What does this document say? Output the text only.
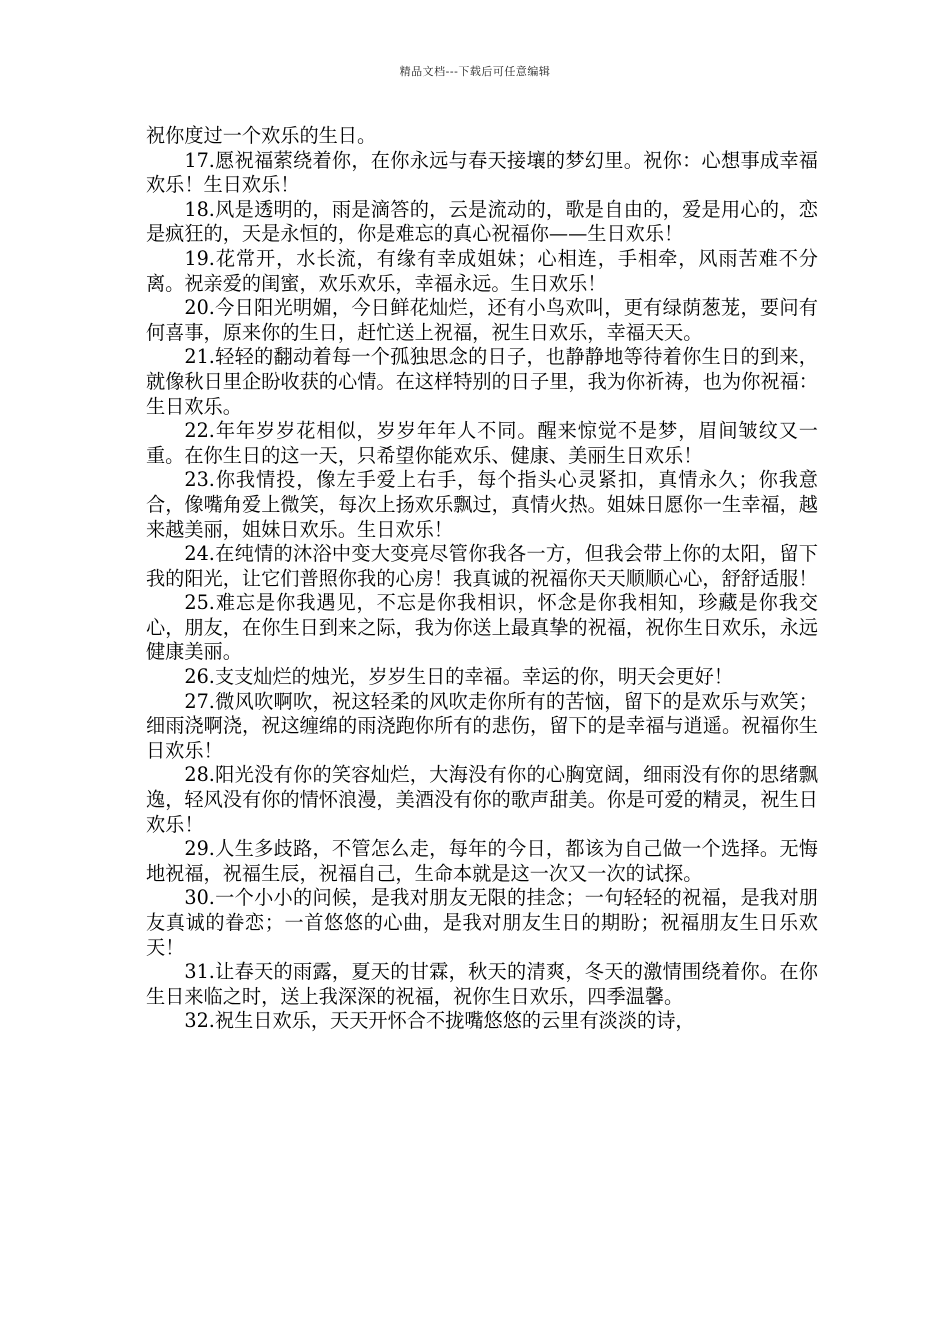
精品文档---下载后可任意编辑

祝你度过一个欢乐的生日。

17.愿祝福萦绕着你，在你永远与春天接壤的梦幻里。祝你：心想事成幸福欢乐！生日欢乐！

18.风是透明的，雨是滴答的，云是流动的，歌是自由的，爱是用心的，恋是疯狂的，天是永恒的，你是难忘的真心祝福你——生日欢乐！

19.花常开，水长流，有缘有幸成姐妹；心相连，手相牵，风雨苦难不分离。祝亲爱的闺蜜，欢乐欢乐，幸福永远。生日欢乐！

20.今日阳光明媚，今日鲜花灿烂，还有小鸟欢叫，更有绿荫葱茏，要问有何喜事，原来你的生日，赶忙送上祝福，祝生日欢乐，幸福天天。

21.轻轻的翻动着每一个孤独思念的日子，也静静地等待着你生日的到来，就像秋日里企盼收获的心情。在这样特别的日子里，我为你祈祷，也为你祝福：生日欢乐。

22.年年岁岁花相似，岁岁年年人不同。醒来惊觉不是梦，眉间皱纹又一重。在你生日的这一天，只希望你能欢乐、健康、美丽生日欢乐！

23.你我情投，像左手爱上右手，每个指头心灵紧扣，真情永久；你我意合，像嘴角爱上微笑，每次上扬欢乐飘过，真情火热。姐妹日愿你一生幸福，越来越美丽，姐妹日欢乐。生日欢乐！

24.在纯情的沐浴中变大变亮尽管你我各一方，但我会带上你的太阳，留下我的阳光，让它们普照你我的心房！我真诚的祝福你天天顺顺心心，舒舒适服！

25.难忘是你我遇见，不忘是你我相识，怀念是你我相知，珍藏是你我交心，朋友，在你生日到来之际，我为你送上最真挚的祝福，祝你生日欢乐，永远健康美丽。

26.支支灿烂的烛光，岁岁生日的幸福。幸运的你，明天会更好！

27.微风吹啊吹，祝这轻柔的风吹走你所有的苦恼，留下的是欢乐与欢笑；细雨浇啊浇，祝这缠绵的雨浇跑你所有的悲伤，留下的是幸福与逍遥。祝福你生日欢乐！

28.阳光没有你的笑容灿烂，大海没有你的心胸宽阔，细雨没有你的思绪飘逸，轻风没有你的情怀浪漫，美酒没有你的歌声甜美。你是可爱的精灵，祝生日欢乐！

29.人生多歧路，不管怎么走，每年的今日，都该为自己做一个选择。无悔地祝福，祝福生辰，祝福自己，生命本就是这一次又一次的试探。

30.一个小小的问候，是我对朋友无限的挂念；一句轻轻的祝福，是我对朋友真诚的眷恋；一首悠悠的心曲，是我对朋友生日的期盼；祝福朋友生日乐欢天！

31.让春天的雨露，夏天的甘霖，秋天的清爽，冬天的激情围绕着你。在你生日来临之时，送上我深深的祝福，祝你生日欢乐，四季温馨。

32.祝生日欢乐，天天开怀合不拢嘴悠悠的云里有淡淡的诗，
